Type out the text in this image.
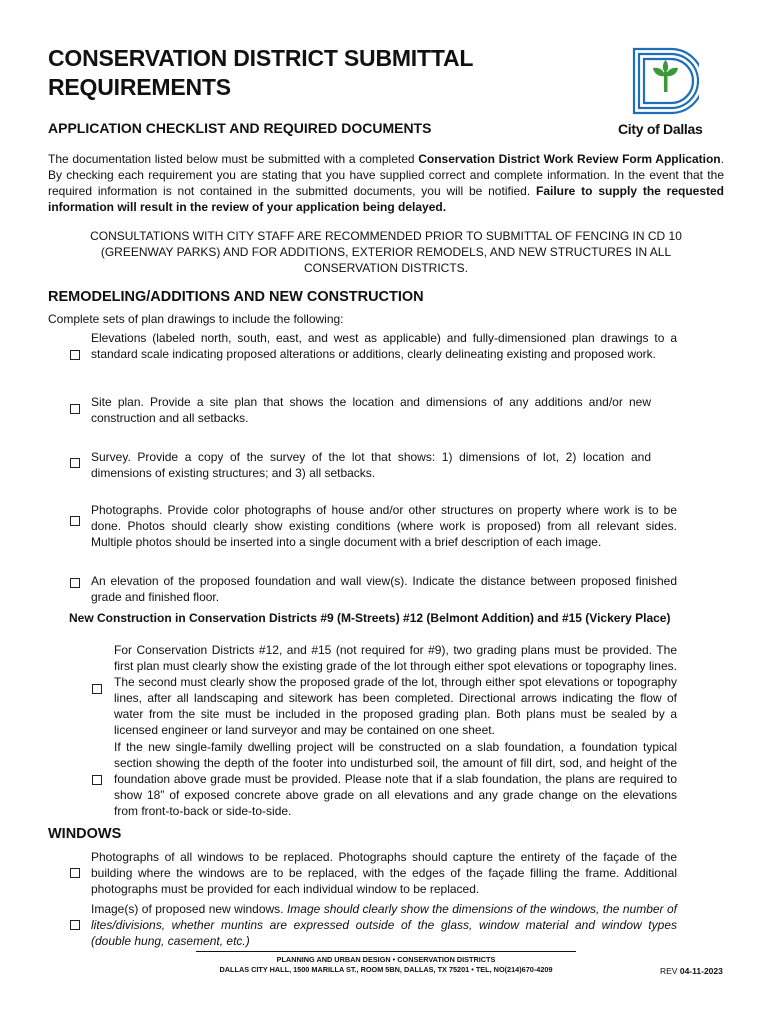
CONSERVATION DISTRICT SUBMITTAL REQUIREMENTS
City of Dallas
APPLICATION CHECKLIST AND REQUIRED DOCUMENTS
The documentation listed below must be submitted with a completed Conservation District Work Review Form Application. By checking each requirement you are stating that you have supplied correct and complete information. In the event that the required information is not contained in the submitted documents, you will be notified. Failure to supply the requested information will result in the review of your application being delayed.
CONSULTATIONS WITH CITY STAFF ARE RECOMMENDED PRIOR TO SUBMITTAL OF FENCING IN CD 10 (GREENWAY PARKS) AND FOR ADDITIONS, EXTERIOR REMODELS, AND NEW STRUCTURES IN ALL CONSERVATION DISTRICTS.
REMODELING/ADDITIONS AND NEW CONSTRUCTION
Complete sets of plan drawings to include the following:
Elevations (labeled north, south, east, and west as applicable) and fully-dimensioned plan drawings to a standard scale indicating proposed alterations or additions, clearly delineating existing and proposed work.
Site plan. Provide a site plan that shows the location and dimensions of any additions and/or new construction and all setbacks.
Survey. Provide a copy of the survey of the lot that shows: 1) dimensions of lot, 2) location and dimensions of existing structures; and 3) all setbacks.
Photographs. Provide color photographs of house and/or other structures on property where work is to be done. Photos should clearly show existing conditions (where work is proposed) from all relevant sides. Multiple photos should be inserted into a single document with a brief description of each image.
An elevation of the proposed foundation and wall view(s). Indicate the distance between proposed finished grade and finished floor.
New Construction in Conservation Districts #9 (M-Streets) #12 (Belmont Addition) and #15 (Vickery Place)
For Conservation Districts #12, and #15 (not required for #9), two grading plans must be provided. The first plan must clearly show the existing grade of the lot through either spot elevations or topography lines. The second must clearly show the proposed grade of the lot, through either spot elevations or topography lines, after all landscaping and sitework has been completed. Directional arrows indicating the flow of water from the site must be included in the proposed grading plan. Both plans must be sealed by a licensed engineer or land surveyor and may be contained on one sheet.
If the new single-family dwelling project will be constructed on a slab foundation, a foundation typical section showing the depth of the footer into undisturbed soil, the amount of fill dirt, sod, and height of the foundation above grade must be provided. Please note that if a slab foundation, the plans are required to show 18” of exposed concrete above grade on all elevations and any grade change on the elevations from front-to-back or side-to-side.
WINDOWS
Photographs of all windows to be replaced. Photographs should capture the entirety of the façade of the building where the windows are to be replaced, with the edges of the façade filling the frame. Additional photographs must be provided for each individual window to be replaced.
Image(s) of proposed new windows. Image should clearly show the dimensions of the windows, the number of lites/divisions, whether muntins are expressed outside of the glass, window material and window types (double hung, casement, etc.)
PLANNING AND URBAN DESIGN • CONSERVATION DISTRICTS
DALLAS CITY HALL, 1500 MARILLA ST., ROOM 5BN, DALLAS, TX 75201 • TEL, NO(214)670-4209	REV 04-11-2023
